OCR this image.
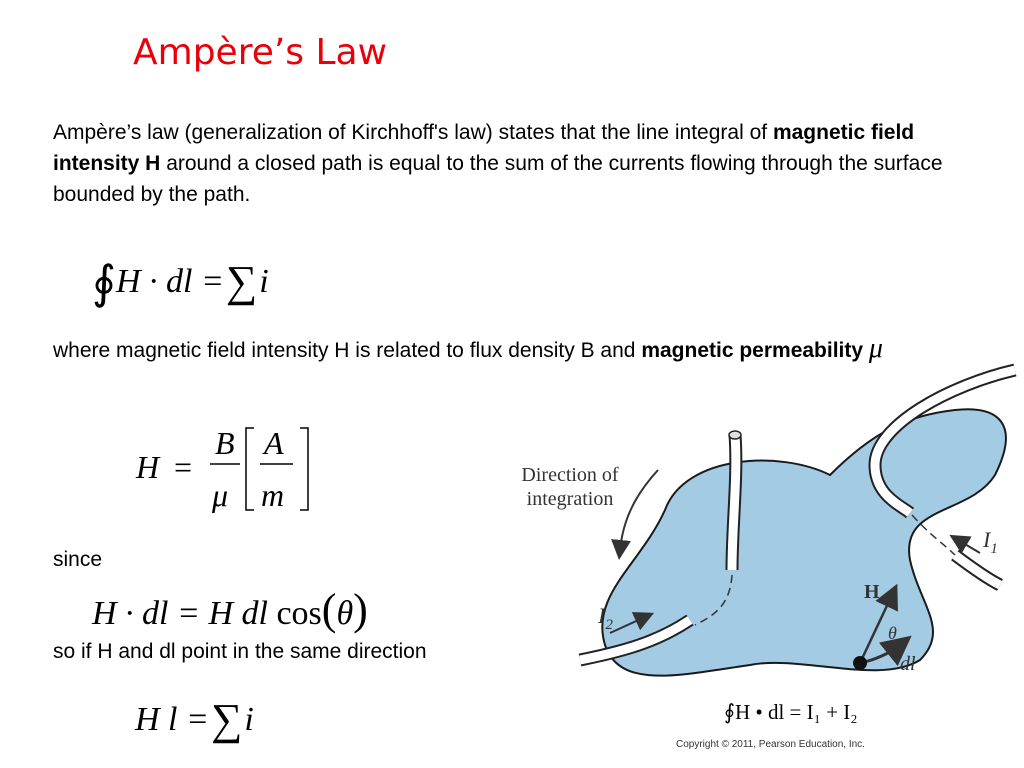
Ampère’s Law
Ampère’s law (generalization of Kirchhoff's law) states that the line integral of magnetic field intensity H around a closed path is equal to the sum of the currents flowing through the surface bounded by the path.
∮H · dl =∑i
where magnetic field intensity H is related to flux density B and magnetic permeability μ
H =
B
μ
A
m
since
H · dl = H dl cos(θ)
so if H and dl point in the same direction
H l =∑i
Direction of
integration
$I_2$
$I_1$
H
θ
dl
∮H • dl = I₁ + I₂
Copyright © 2011, Pearson Education, Inc.
